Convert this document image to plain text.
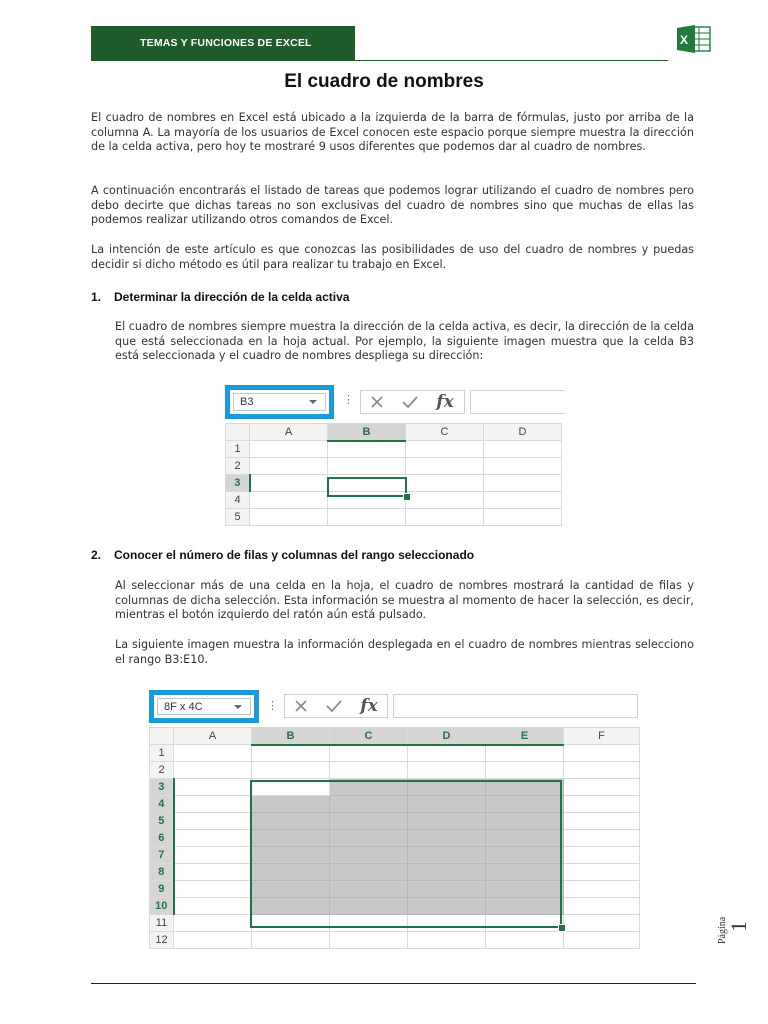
TEMAS Y FUNCIONES DE EXCEL	X
El cuadro de nombres

El cuadro de nombres en Excel está ubicado a la izquierda de la barra de fórmulas, justo por arriba de la columna A. La mayoría de los usuarios de Excel conocen este espacio porque siempre muestra la dirección de la celda activa, pero hoy te mostraré 9 usos diferentes que podemos dar al cuadro de nombres.

A continuación encontrarás el listado de tareas que podemos lograr utilizando el cuadro de nombres pero debo decirte que dichas tareas no son exclusivas del cuadro de nombres sino que muchas de ellas las podemos realizar utilizando otros comandos de Excel.

La intención de este artículo es que conozcas las posibilidades de uso del cuadro de nombres y puedas decidir si dicho método es útil para realizar tu trabajo en Excel.

1. Determinar la dirección de la celda activa

El cuadro de nombres siempre muestra la dirección de la celda activa, es decir, la dirección de la celda que está seleccionada en la hoja actual. Por ejemplo, la siguiente imagen muestra que la celda B3 está seleccionada y el cuadro de nombres despliega su dirección:

B3	⋮	fx
	A	B	C	D
1				
2				
3				
4				
5				
2. Conocer el número de filas y columnas del rango seleccionado

Al seleccionar más de una celda en la hoja, el cuadro de nombres mostrará la cantidad de filas y columnas de dicha selección. Esta información se muestra al momento de hacer la selección, es decir, mientras el botón izquierdo del ratón aún está pulsado.

La siguiente imagen muestra la información desplegada en el cuadro de nombres mientras selecciono el rango B3:E10.

8F x 4C	⋮	fx
	A	B	C	D	E	F
1						
2						
3						
4						
5						
6						
7						
8						
9						
10						
11						
12							Página
1
